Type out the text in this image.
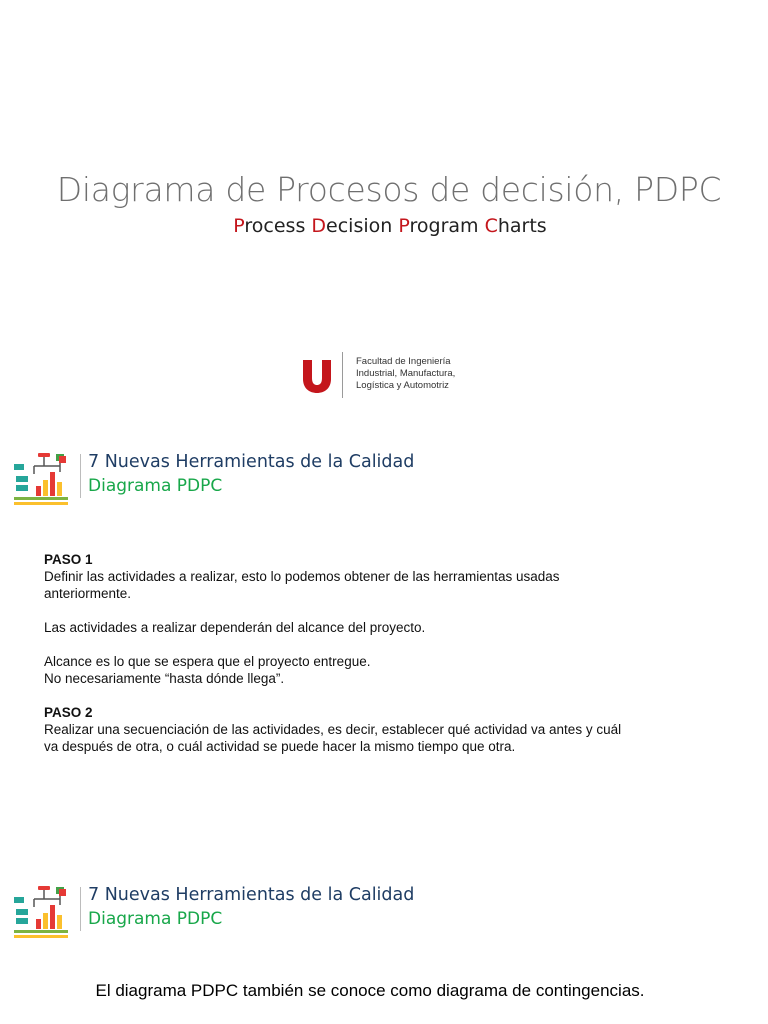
Diagrama de Procesos de decisión, PDPC
Process Decision Program Charts
Facultad de Ingeniería
Industrial, Manufactura,
Logística y Automotriz
7 Nuevas Herramientas de la Calidad
Diagrama PDPC

PASO 1

Definir las actividades a realizar, esto lo podemos obtener de las herramientas usadas anteriormente.

Las actividades a realizar dependerán del alcance del proyecto.

Alcance es lo que se espera que el proyecto entregue.

No necesariamente “hasta dónde llega”.

PASO 2

Realizar una secuenciación de las actividades, es decir, establecer qué actividad va antes y cuál va después de otra, o cuál actividad se puede hacer la mismo tiempo que otra.

7 Nuevas Herramientas de la Calidad
Diagrama PDPC
El diagrama PDPC también se conoce como diagrama de contingencias.
